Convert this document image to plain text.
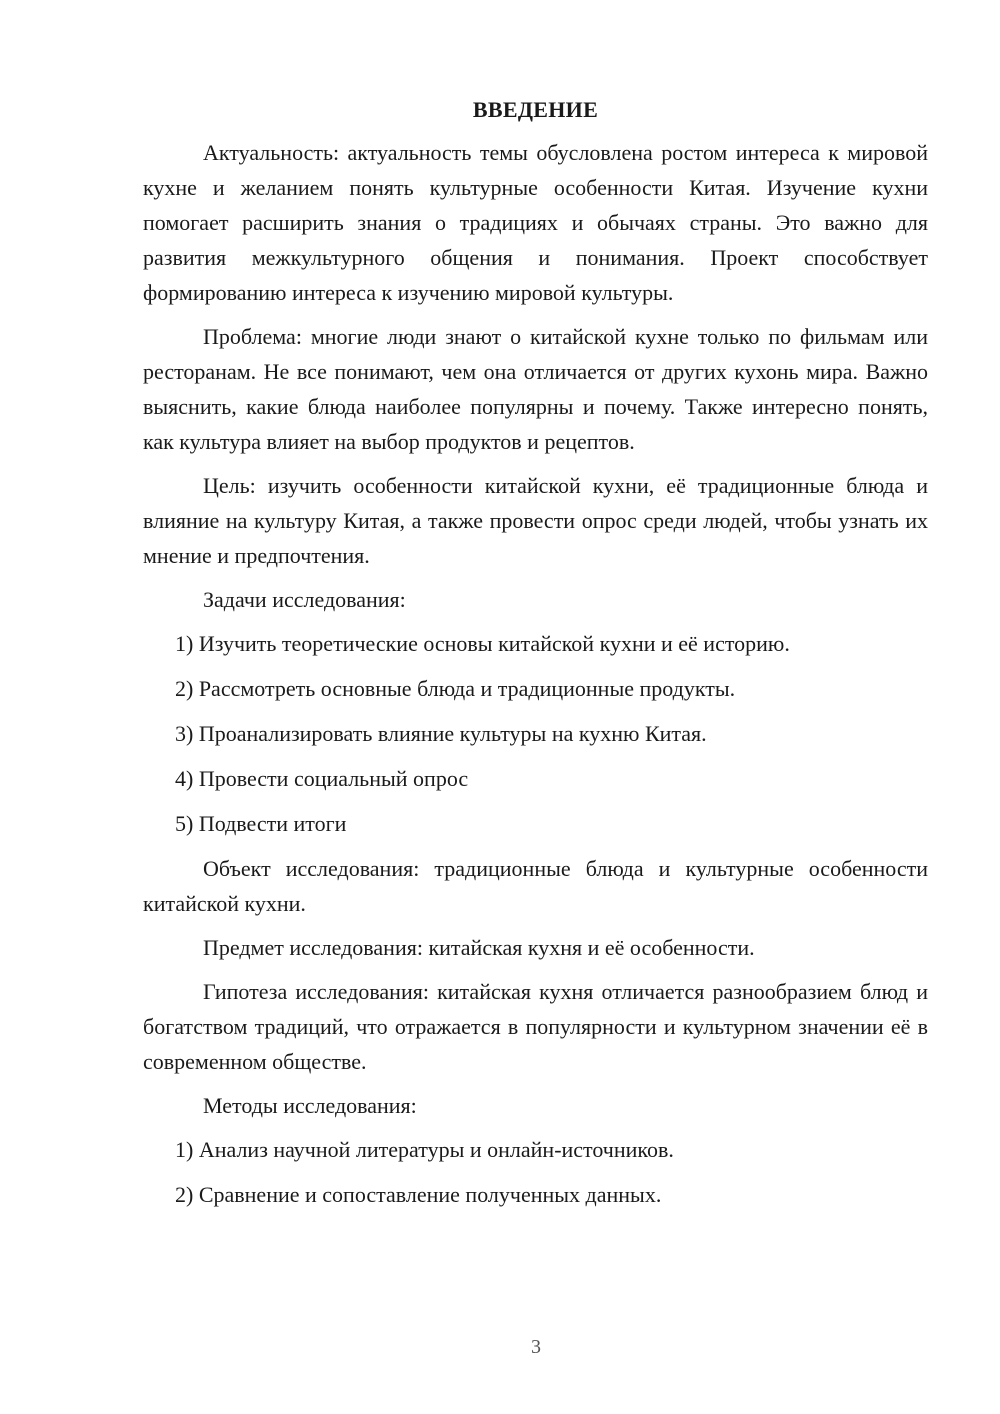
ВВЕДЕНИЕ

Актуальность: актуальность темы обусловлена ростом интереса к мировой кухне и желанием понять культурные особенности Китая. Изучение кухни помогает расширить знания о традициях и обычаях страны. Это важно для развития межкультурного общения и понимания. Проект способствует формированию интереса к изучению мировой культуры.

Проблема: многие люди знают о китайской кухне только по фильмам или ресторанам. Не все понимают, чем она отличается от других кухонь мира. Важно выяснить, какие блюда наиболее популярны и почему. Также интересно понять, как культура влияет на выбор продуктов и рецептов.

Цель: изучить особенности китайской кухни, её традиционные блюда и влияние на культуру Китая, а также провести опрос среди людей, чтобы узнать их мнение и предпочтения.

Задачи исследования:

1) Изучить теоретические основы китайской кухни и её историю.

2) Рассмотреть основные блюда и традиционные продукты.

3) Проанализировать влияние культуры на кухню Китая.

4) Провести социальный опрос

5) Подвести итоги

Объект исследования: традиционные блюда и культурные особенности китайской кухни.

Предмет исследования: китайская кухня и её особенности.

Гипотеза исследования: китайская кухня отличается разнообразием блюд и богатством традиций, что отражается в популярности и культурном значении её в современном обществе.

Методы исследования:

1) Анализ научной литературы и онлайн-источников.

2) Сравнение и сопоставление полученных данных.

3
